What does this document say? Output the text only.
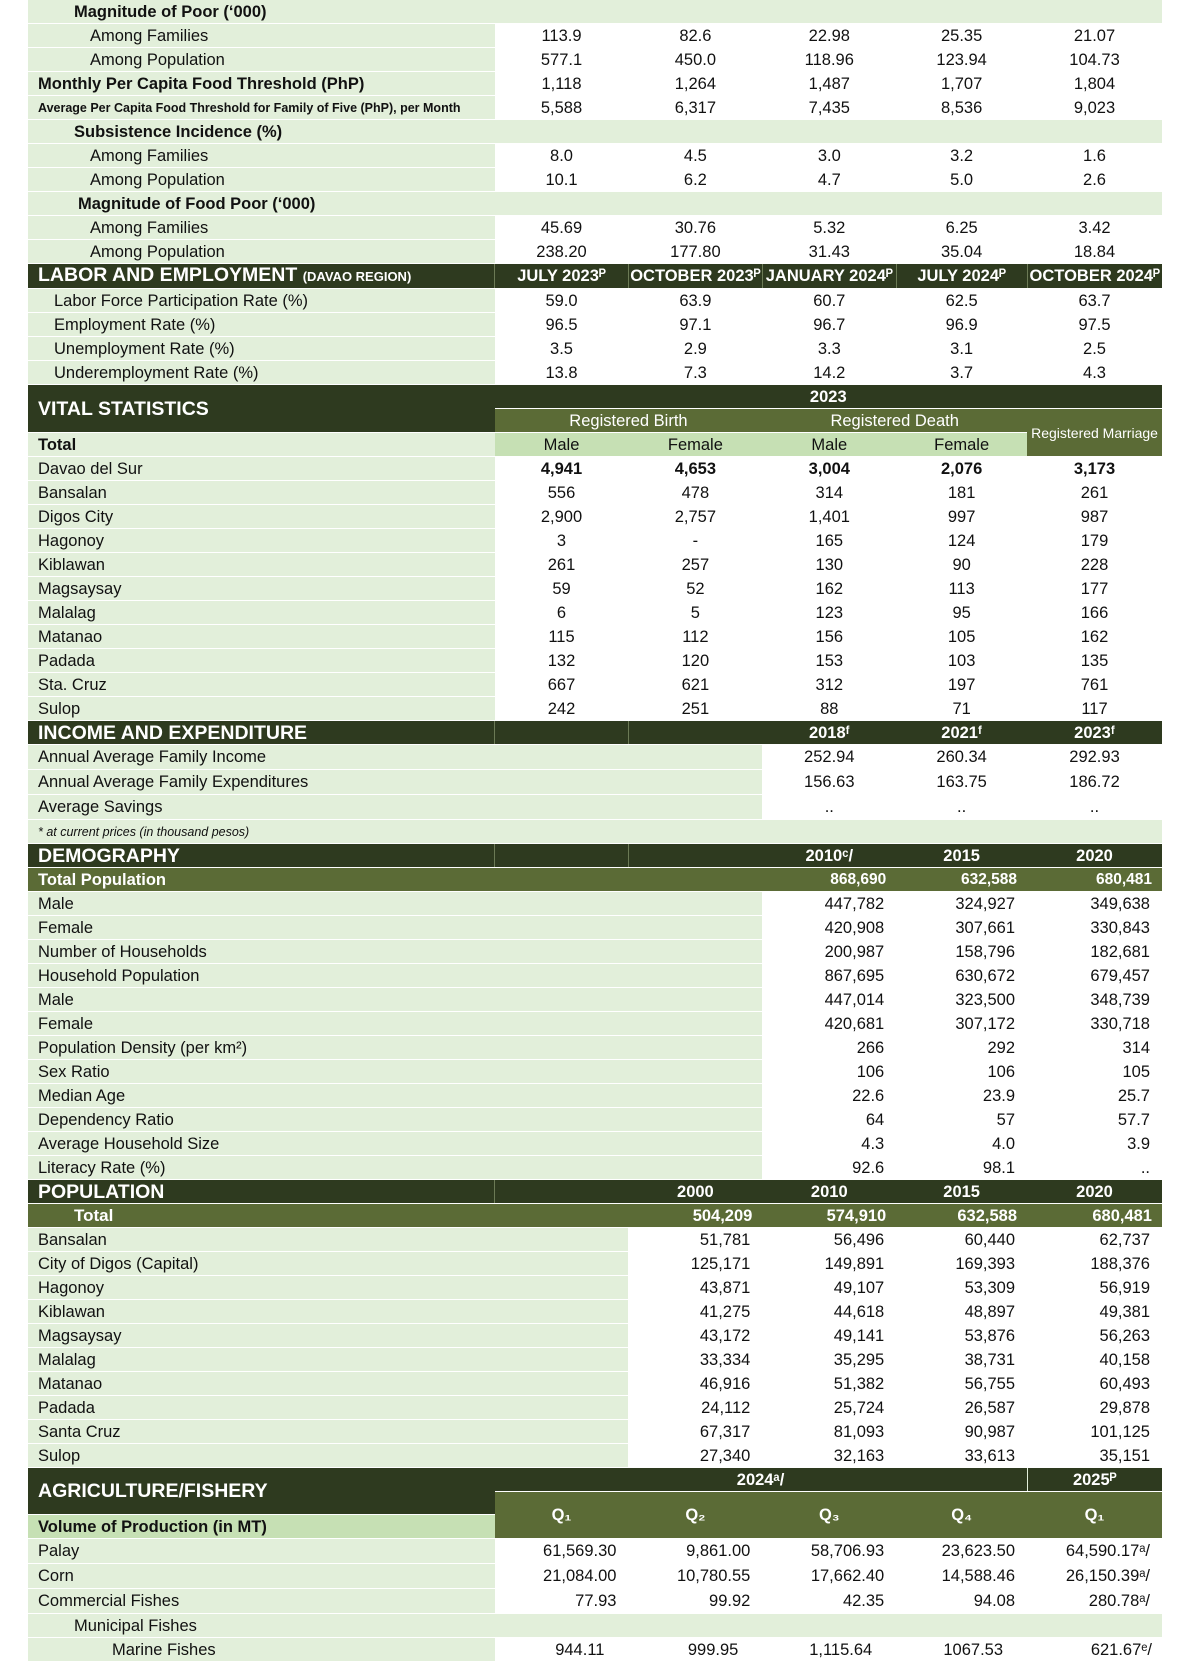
Magnitude of Poor (‘000)					
Among Families	113.9	82.6	22.98	25.35	21.07
Among Population	577.1	450.0	118.96	123.94	104.73
Monthly Per Capita Food Threshold (PhP)	1,118	1,264	1,487	1,707	1,804
Average Per Capita Food Threshold for Family of Five (PhP), per Month	5,588	6,317	7,435	8,536	9,023
Subsistence Incidence (%)					
Among Families	8.0	4.5	3.0	3.2	1.6
Among Population	10.1	6.2	4.7	5.0	2.6
Magnitude of Food Poor (‘000)					
Among Families	45.69	30.76	5.32	6.25	3.42
Among Population	238.20	177.80	31.43	35.04	18.84
LABOR AND EMPLOYMENT (DAVAO REGION)	JULY 2023ᴾ	OCTOBER 2023ᴾ	JANUARY 2024ᴾ	JULY 2024ᴾ	OCTOBER 2024ᴾ
Labor Force Participation Rate (%)	59.0	63.9	60.7	62.5	63.7
Employment Rate (%)	96.5	97.1	96.7	96.9	97.5
Unemployment Rate (%)	3.5	2.9	3.3	3.1	2.5
Underemployment Rate (%)	13.8	7.3	14.2	3.7	4.3
VITAL STATISTICS	2023				
	Registered Birth		Registered Death		Registered Marriage
Total	Male	Female	Male	Female	
Davao del Sur	4,941	4,653	3,004	2,076	3,173
Bansalan	556	478	314	181	261
Digos City	2,900	2,757	1,401	997	987
Hagonoy	3	-	165	124	179
Kiblawan	261	257	130	90	228
Magsaysay	59	52	162	113	177
Malalag	6	5	123	95	166
Matanao	115	112	156	105	162
Padada	132	120	153	103	135
Sta. Cruz	667	621	312	197	761
Sulop	242	251	88	71	117
INCOME AND EXPENDITURE			2018ᶠ	2021ᶠ	2023ᶠ
Annual Average Family Income			252.94	260.34	292.93
Annual Average Family Expenditures			156.63	163.75	186.72
Average Savings			..	..	..
* at current prices (in thousand pesos)					
DEMOGRAPHY			2010ᶜ/	2015	2020
Total Population			868,690	632,588	680,481
Male			447,782	324,927	349,638
Female			420,908	307,661	330,843
Number of Households			200,987	158,796	182,681
Household Population			867,695	630,672	679,457
Male			447,014	323,500	348,739
Female			420,681	307,172	330,718
Population Density (per km²)			266	292	314
Sex Ratio			106	106	105
Median Age			22.6	23.9	25.7
Dependency Ratio			64	57	57.7
Average Household Size			4.3	4.0	3.9
Literacy Rate (%)			92.6	98.1	..
POPULATION		2000	2010	2015	2020
Total		504,209	574,910	632,588	680,481
Bansalan		51,781	56,496	60,440	62,737
City of Digos (Capital)		125,171	149,891	169,393	188,376
Hagonoy		43,871	49,107	53,309	56,919
Kiblawan		41,275	44,618	48,897	49,381
Magsaysay		43,172	49,141	53,876	56,263
Malalag		33,334	35,295	38,731	40,158
Matanao		46,916	51,382	56,755	60,493
Padada		24,112	25,724	26,587	29,878
Santa Cruz		67,317	81,093	90,987	101,125
Sulop		27,340	32,163	33,613	35,151
AGRICULTURE/FISHERY	2024ᵃ/				2025ᴾ
	Q₁	Q₂	Q₃	Q₄	Q₁
Volume of Production (in MT)					
Palay	61,569.30	9,861.00	58,706.93	23,623.50	64,590.17ᵃ/
Corn	21,084.00	10,780.55	17,662.40	14,588.46	26,150.39ᵃ/
Commercial Fishes	77.93	99.92	42.35	94.08	280.78ᵃ/
Municipal Fishes					
Marine Fishes	944.11	999.95	1,115.64	1067.53	621.67ᵉ/
